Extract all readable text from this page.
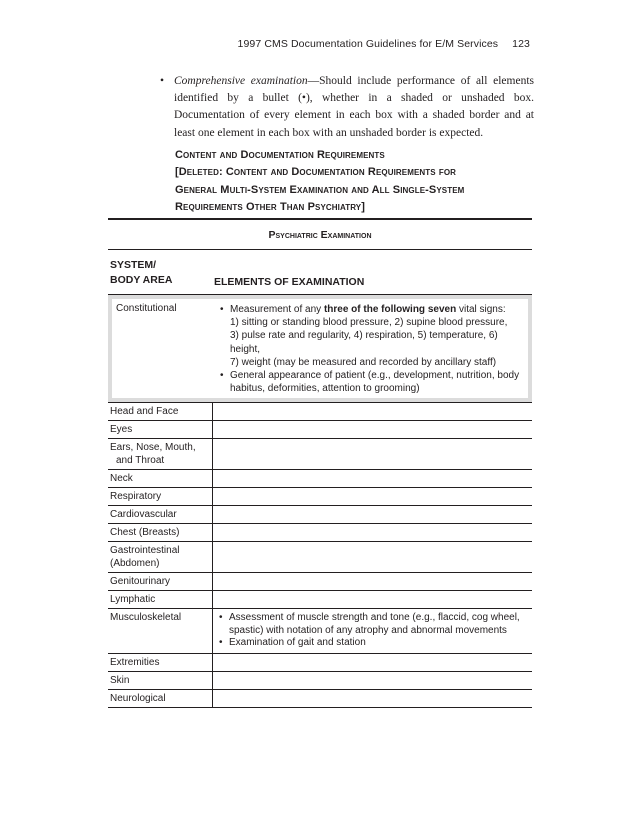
1997 CMS Documentation Guidelines for E/M Services 123
• Comprehensive examination—Should include performance of all elements identified by a bullet (•), whether in a shaded or unshaded box. Documentation of every element in each box with a shaded border and at least one element in each box with an unshaded border is expected.
Content and Documentation Requirements
[Deleted: Content and Documentation Requirements for
General Multi-System Examination and All Single-System
Requirements Other Than Psychiatry]
Psychiatric Examination
SYSTEM/
BODY AREA	ELEMENTS OF EXAMINATION
Constitutional	• Measurement of any three of the following seven vital signs:
1) sitting or standing blood pressure, 2) supine blood pressure,
3) pulse rate and regularity, 4) respiration, 5) temperature, 6) height,
7) weight (may be measured and recorded by ancillary staff)
• General appearance of patient (e.g., development, nutrition, body habitus, deformities, attention to grooming)
Head and Face
Eyes
Ears, Nose, Mouth,
and Throat
Neck
Respiratory
Cardiovascular
Chest (Breasts)
Gastrointestinal
(Abdomen)
Genitourinary
Lymphatic
Musculoskeletal	• Assessment of muscle strength and tone (e.g., flaccid, cog wheel, spastic) with notation of any atrophy and abnormal movements
• Examination of gait and station
Extremities
Skin
Neurological
